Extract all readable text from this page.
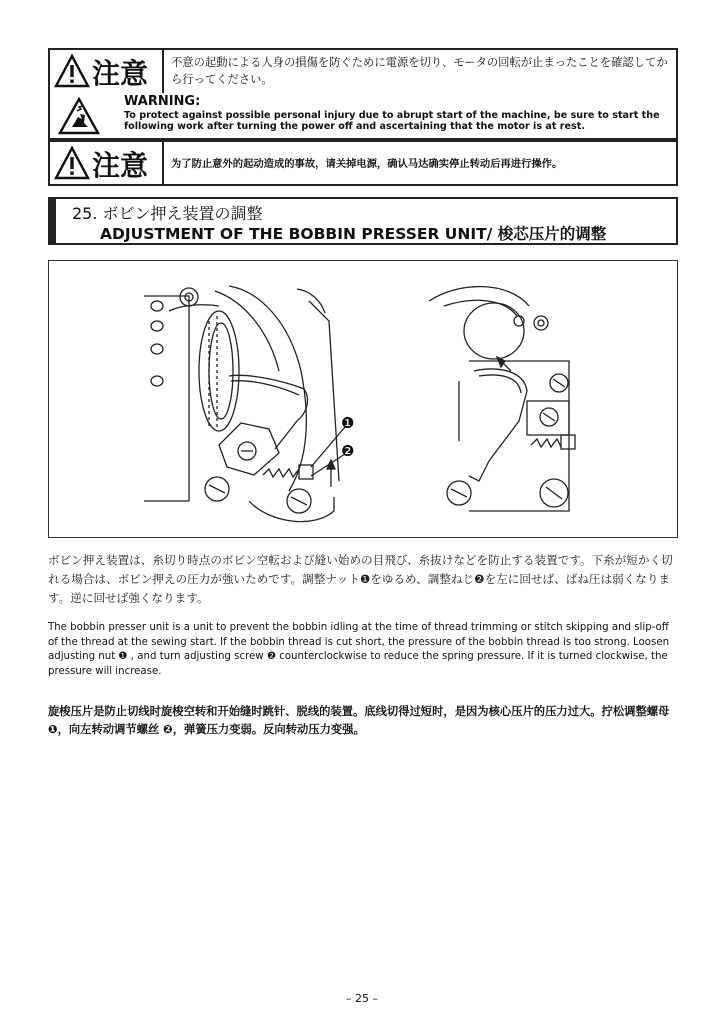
注意 不意の起動による人身の損傷を防ぐために電源を切り、モータの回転が止まったことを確認してから行ってください。
WARNING:
To protect against possible personal injury due to abrupt start of the machine, be sure to start the following work after turning the power off and ascertaining that the motor is at rest.
注意 为了防止意外的起动造成的事故，请关掉电源，确认马达确实停止转动后再进行操作。
25. ボビン押え装置の調整
ADJUSTMENT OF THE BOBBIN PRESSER UNIT/ 梭芯压片的调整
❶
❷
ボビン押え装置は、糸切り時点のボビン空転および縫い始めの目飛び、糸抜けなどを防止する装置です。下糸が短かく切れる場合は、ボビン押えの圧力が強いためです。調整ナット❶をゆるめ、調整ねじ❷を左に回せば、ばね圧は弱くなります。逆に回せば強くなります。
The bobbin presser unit is a unit to prevent the bobbin idling at the time of thread trimming or stitch skipping and slip-off of the thread at the sewing start. If the bobbin thread is cut short, the pressure of the bobbin thread is too strong. Loosen adjusting nut ❶ , and turn adjusting screw ❷ counterclockwise to reduce the spring pressure. If it is turned clockwise, the pressure will increase.
旋梭压片是防止切线时旋梭空转和开始缝时跳针、脱线的装置。底线切得过短时，是因为核心压片的压力过大。拧松调整螺母 ❶，向左转动调节螺丝 ❷，弹簧压力变弱。反向转动压力变强。
– 25 –
